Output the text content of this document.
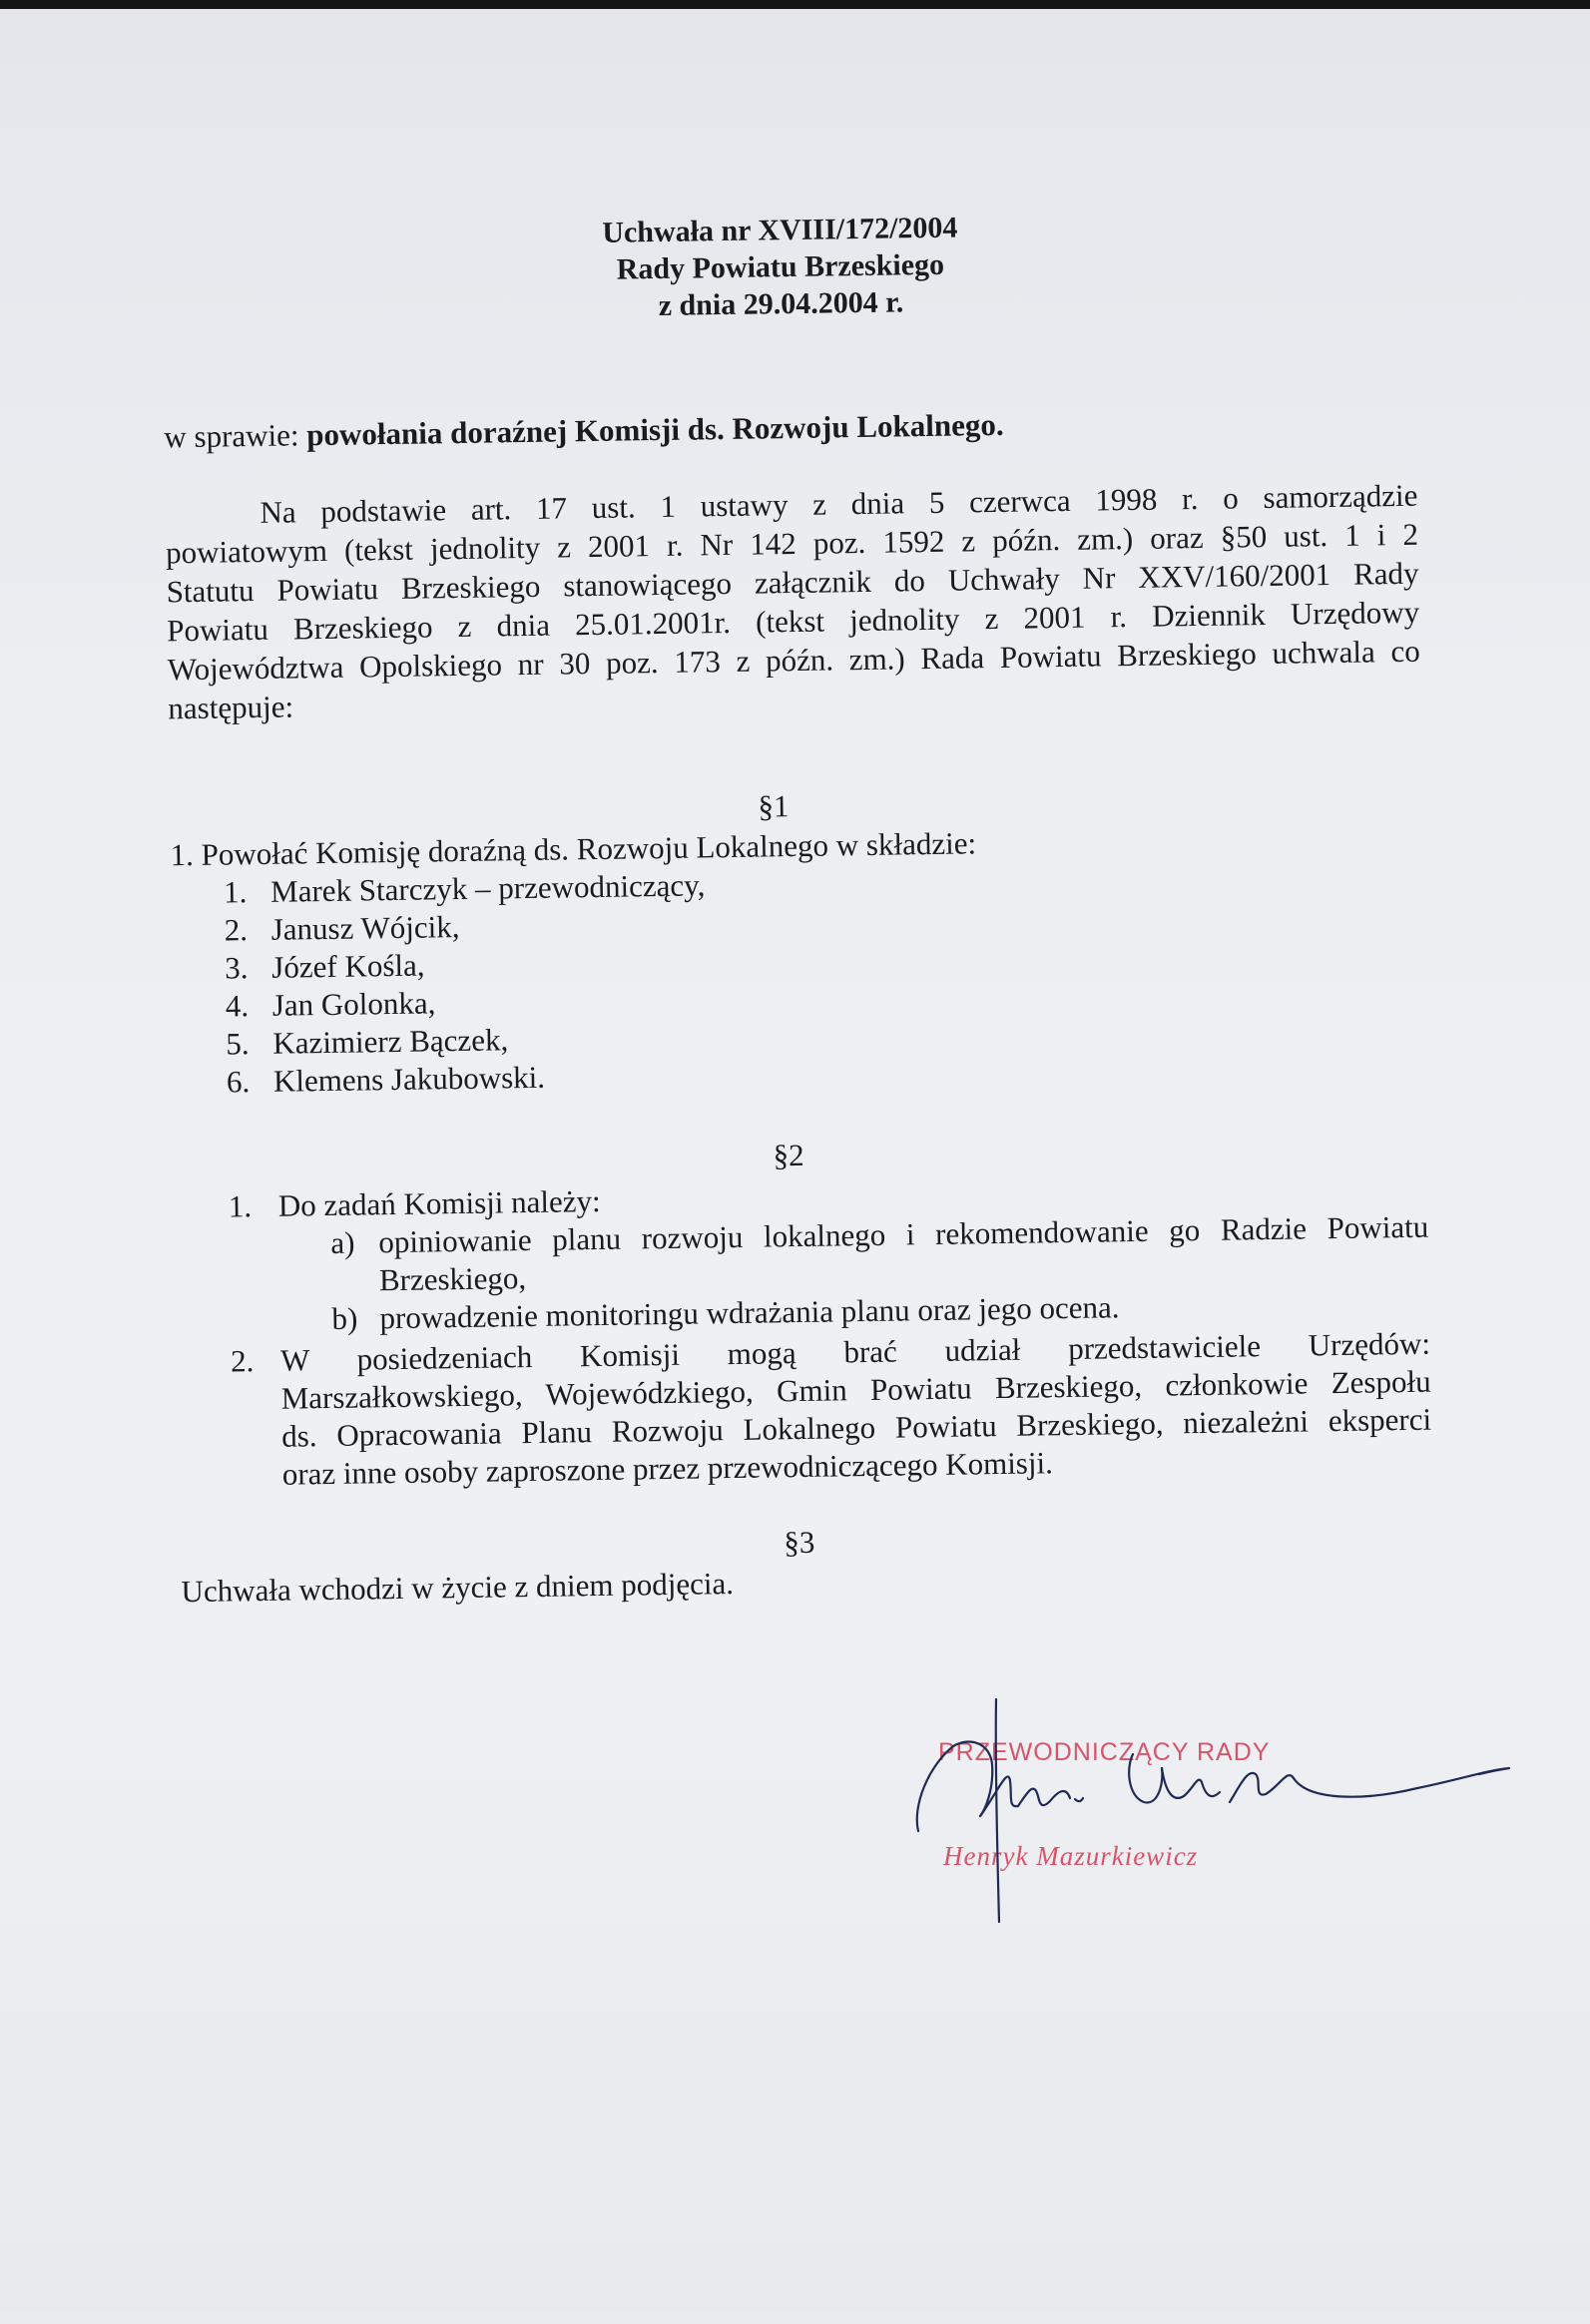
Uchwała nr XVIII/172/2004
Rady Powiatu Brzeskiego
z dnia 29.04.2004 r.
w sprawie: powołania doraźnej Komisji ds. Rozwoju Lokalnego.
Na podstawie art. 17 ust. 1 ustawy z dnia 5 czerwca 1998 r. o samorządzie
powiatowym (tekst jednolity z 2001 r. Nr 142 poz. 1592 z późn. zm.) oraz §50 ust. 1 i 2
Statutu Powiatu Brzeskiego stanowiącego załącznik do Uchwały Nr XXV/160/2001 Rady
Powiatu Brzeskiego z dnia 25.01.2001r. (tekst jednolity z 2001 r. Dziennik Urzędowy
Województwa Opolskiego nr 30 poz. 173 z późn. zm.) Rada Powiatu Brzeskiego uchwala co
następuje:
§1
1. Powołać Komisję doraźną ds. Rozwoju Lokalnego w składzie:
1. Marek Starczyk – przewodniczący,
2. Janusz Wójcik,
3. Józef Kośla,
4. Jan Golonka,
5. Kazimierz Bączek,
6. Klemens Jakubowski.
§2
1. Do zadań Komisji należy:
a) opiniowanie planu rozwoju lokalnego i rekomendowanie go Radzie Powiatu
Brzeskiego,
b) prowadzenie monitoringu wdrażania planu oraz jego ocena.
2. W posiedzeniach Komisji mogą brać udział przedstawiciele Urzędów:
Marszałkowskiego, Wojewódzkiego, Gmin Powiatu Brzeskiego, członkowie Zespołu
ds. Opracowania Planu Rozwoju Lokalnego Powiatu Brzeskiego, niezależni eksperci
oraz inne osoby zaproszone przez przewodniczącego Komisji.
§3
Uchwała wchodzi w życie z dniem podjęcia.
PRZEWODNICZĄCY RADY
Henryk Mazurkiewicz
